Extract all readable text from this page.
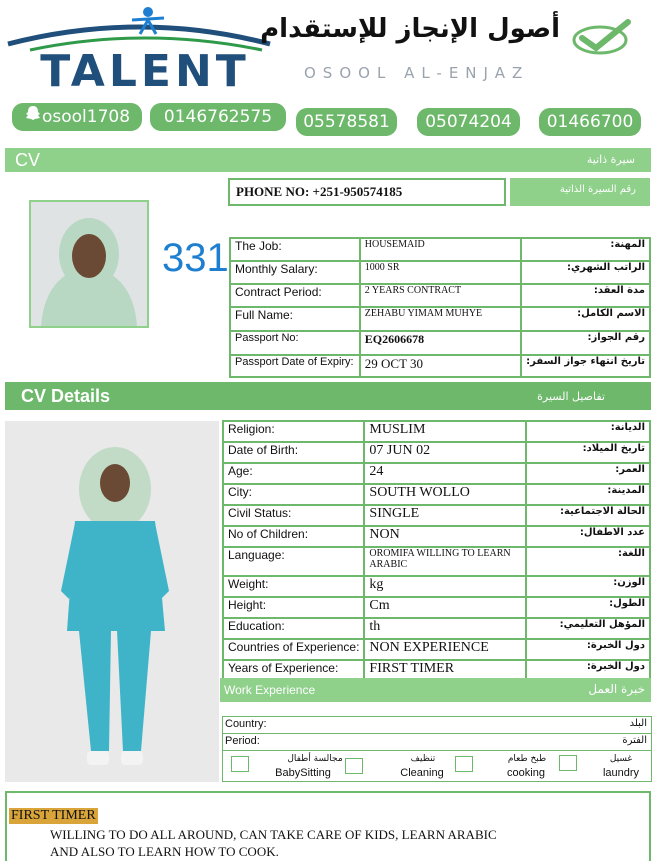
TALENT
أصول الإنجاز للإستقدام
OSOOL AL-ENJAZ
osool1708	0146762575	05578581	05074204	01466700
CV	سيرة ذاتية
PHONE NO: +251-950574185	رقم السيرة الذاتية
331 The Job:	HOUSEMAID	المهنة:
Monthly Salary:	1000 SR	الراتب الشهري:
Contract Period:	2 YEARS CONTRACT	مدة العقد:
Full Name:	ZEHABU YIMAM MUHYE	الاسم الكامل:
Passport No:	EQ2606678	رقم الجواز:
Passport Date of Expiry:	29 OCT 30	تاريخ انتهاء جواز السفر:
CV Details	تفاصيل السيرة
Religion:	MUSLIM	الديانة:
Date of Birth:	07 JUN 02	تاريخ الميلاد:
Age:	24	العمر:
City:	SOUTH WOLLO	المدينة:
Civil Status:	SINGLE	الحالة الاجتماعية:
No of Children:	NON	عدد الاطفال:
Language:	OROMIFA WILLING TO LEARN ARABIC	اللغة:
Weight:	kg	الوزن:
Height:	Cm	الطول:
Education:	th	المؤهل التعليمي:
Countries of Experience:	NON EXPERIENCE	دول الخبرة:
Years of Experience:	FIRST TIMER	دول الخبرة:
Work Experience	خبرة العمل
Country:	البلد
Period:	الفترة
مجالسة أطفال
BabySitting
تنظيف
Cleaning
طبخ طعام
cooking
غسيل
laundry
FIRST TIMER
WILLING TO DO ALL AROUND, CAN TAKE CARE OF KIDS, LEARN ARABIC
AND ALSO TO LEARN HOW TO COOK.
